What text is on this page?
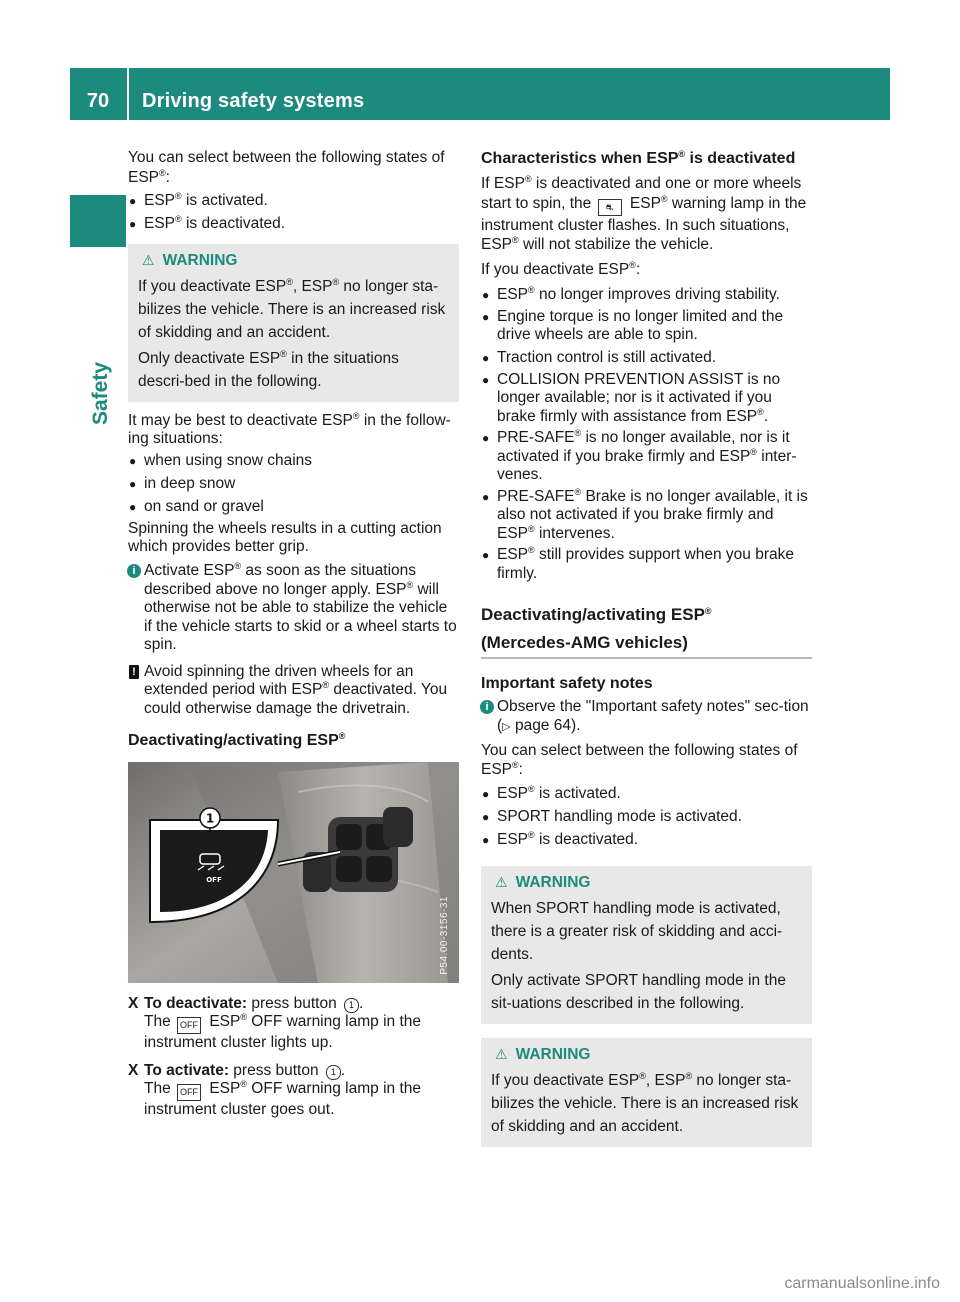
70	Driving safety systems
Safety

You can select between the following states of ESP®:

● ESP® is activated.
● ESP® is deactivated.
⚠ WARNING

If you deactivate ESP®, ESP® no longer sta-bilizes the vehicle. There is an increased risk of skidding and an accident.

Only deactivate ESP® in the situations descri-bed in the following.

It may be best to deactivate ESP® in the follow-ing situations:

● when using snow chains
● in deep snow
● on sand or gravel

Spinning the wheels results in a cutting action which provides better grip.

i Activate ESP® as soon as the situations described above no longer apply. ESP® will otherwise not be able to stabilize the vehicle if the vehicle starts to skid or a wheel starts to spin.
! Avoid spinning the driven wheels for an extended period with ESP® deactivated. You could otherwise damage the drivetrain.
Deactivating/activating ESP®
1
OFF
P54.00-3156-31
X To deactivate: press button 1 .
The OFF ESP® OFF warning lamp in the instrument cluster lights up.
X To activate: press button 1 .
The OFF ESP® OFF warning lamp in the instrument cluster goes out.
Characteristics when ESP® is deactivated

If ESP® is deactivated and one or more wheels start to spin, the ⛐ ESP® warning lamp in the instrument cluster flashes. In such situations, ESP® will not stabilize the vehicle.

If you deactivate ESP®:

● ESP® no longer improves driving stability.
● Engine torque is no longer limited and the drive wheels are able to spin.
● Traction control is still activated.
● COLLISION PREVENTION ASSIST is no longer available; nor is it activated if you brake firmly with assistance from ESP®.
● PRE-SAFE® is no longer available, nor is it activated if you brake firmly and ESP® inter-venes.
● PRE-SAFE® Brake is no longer available, it is also not activated if you brake firmly and ESP® intervenes.
● ESP® still provides support when you brake firmly.
Deactivating/activating ESP®
(Mercedes-AMG vehicles)
Important safety notes
i Observe the "Important safety notes" sec-tion (▷ page 64).

You can select between the following states of ESP®:

● ESP® is activated.
● SPORT handling mode is activated.
● ESP® is deactivated.
⚠ WARNING

When SPORT handling mode is activated, there is a greater risk of skidding and acci-dents.

Only activate SPORT handling mode in the sit-uations described in the following.

⚠ WARNING

If you deactivate ESP®, ESP® no longer sta-bilizes the vehicle. There is an increased risk of skidding and an accident.

carmanualsonline.info
